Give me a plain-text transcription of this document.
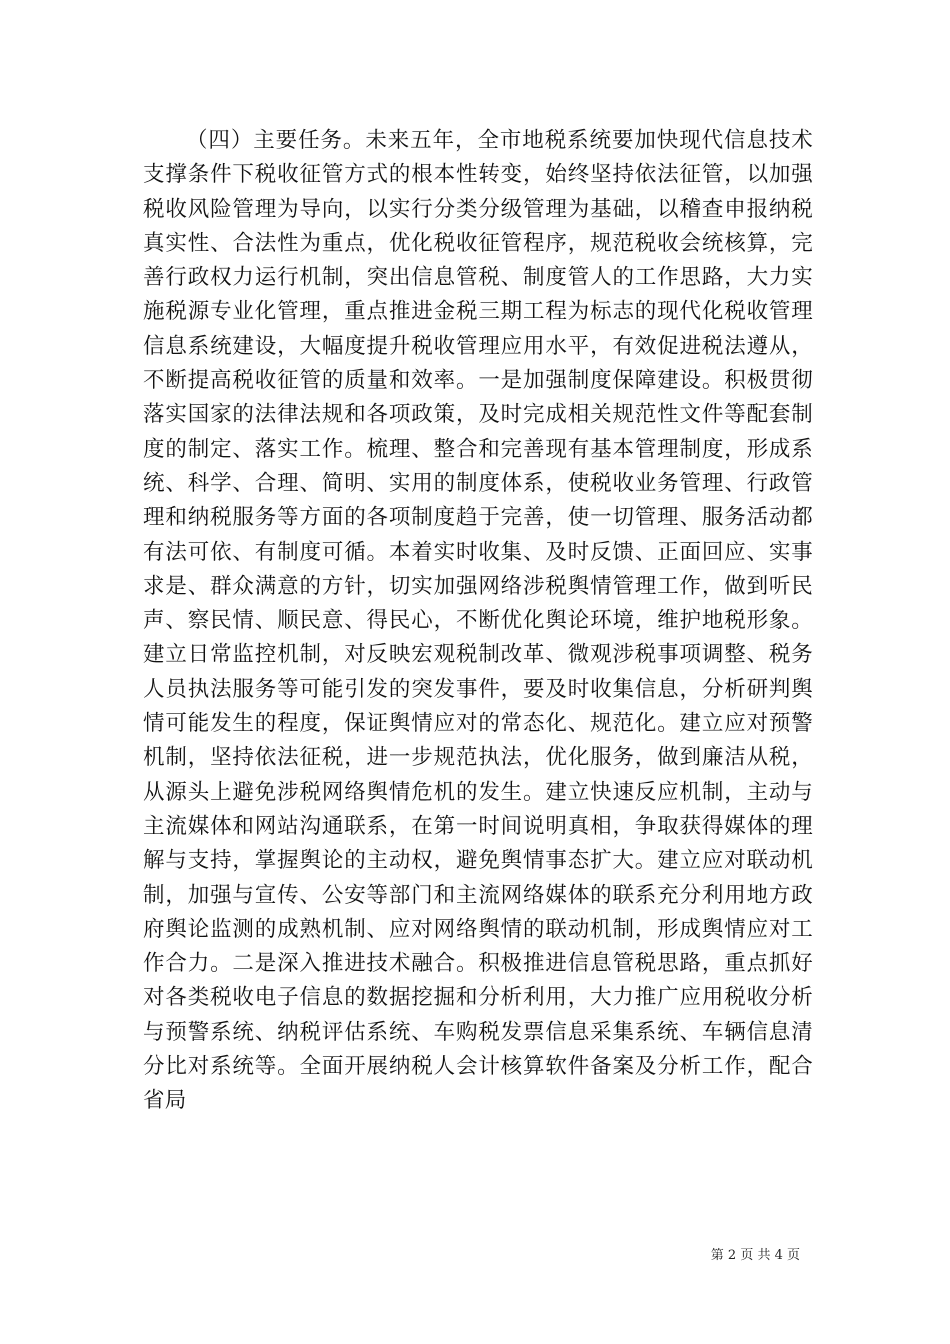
（四）主要任务。未来五年，全市地税系统要加快现代信息技术支撑条件下税收征管方式的根本性转变，始终坚持依法征管，以加强税收风险管理为导向，以实行分类分级管理为基础，以稽查申报纳税真实性、合法性为重点，优化税收征管程序，规范税收会统核算，完善行政权力运行机制，突出信息管税、制度管人的工作思路，大力实施税源专业化管理，重点推进金税三期工程为标志的现代化税收管理信息系统建设，大幅度提升税收管理应用水平，有效促进税法遵从，不断提高税收征管的质量和效率。一是加强制度保障建设。积极贯彻落实国家的法律法规和各项政策，及时完成相关规范性文件等配套制度的制定、落实工作。梳理、整合和完善现有基本管理制度，形成系统、科学、合理、简明、实用的制度体系，使税收业务管理、行政管理和纳税服务等方面的各项制度趋于完善，使一切管理、服务活动都有法可依、有制度可循。本着实时收集、及时反馈、正面回应、实事求是、群众满意的方针，切实加强网络涉税舆情管理工作，做到听民声、察民情、顺民意、得民心，不断优化舆论环境，维护地税形象。建立日常监控机制，对反映宏观税制改革、微观涉税事项调整、税务人员执法服务等可能引发的突发事件，要及时收集信息，分析研判舆情可能发生的程度，保证舆情应对的常态化、规范化。建立应对预警机制，坚持依法征税，进一步规范执法，优化服务，做到廉洁从税，从源头上避免涉税网络舆情危机的发生。建立快速反应机制，主动与主流媒体和网站沟通联系，在第一时间说明真相，争取获得媒体的理解与支持，掌握舆论的主动权，避免舆情事态扩大。建立应对联动机制，加强与宣传、公安等部门和主流网络媒体的联系充分利用地方政府舆论监测的成熟机制、应对网络舆情的联动机制，形成舆情应对工作合力。二是深入推进技术融合。积极推进信息管税思路，重点抓好对各类税收电子信息的数据挖掘和分析利用，大力推广应用税收分析与预警系统、纳税评估系统、车购税发票信息采集系统、车辆信息清分比对系统等。全面开展纳税人会计核算软件备案及分析工作，配合省局

第 2 页 共 4 页
